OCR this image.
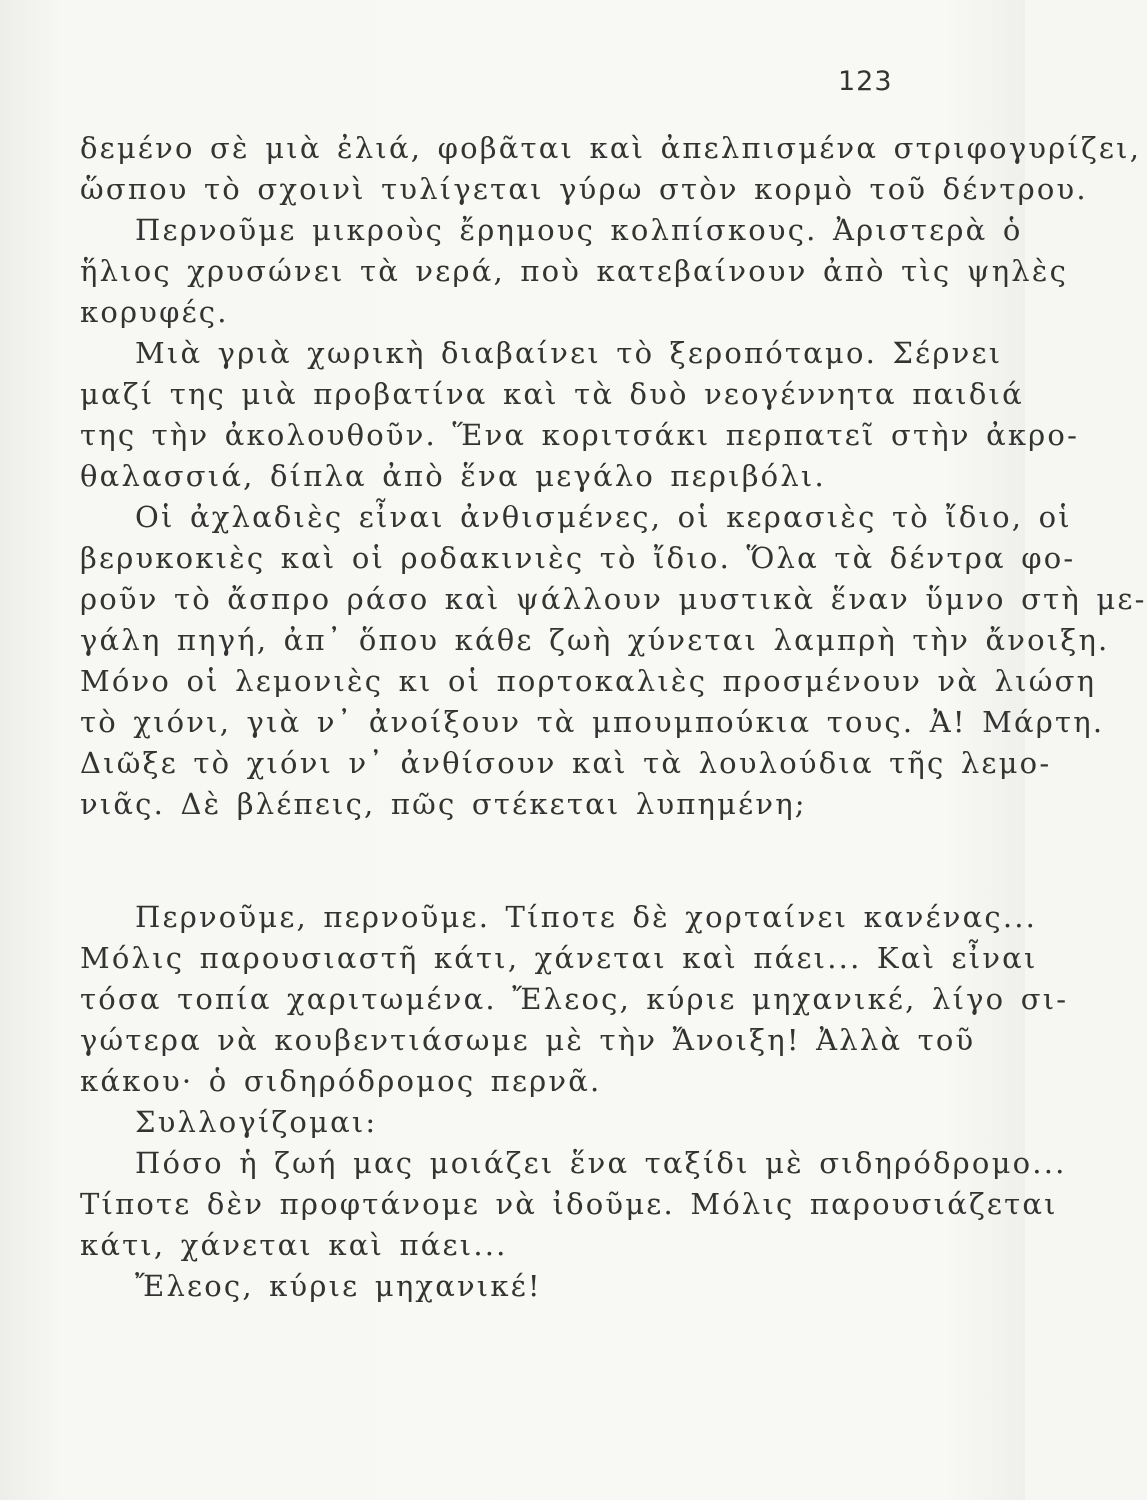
123
δεμένο σὲ μιὰ ἐλιά, φοβᾶται καὶ ἀπελπισμένα στριφογυρίζει,
ὥσπου τὸ σχοινὶ τυλίγεται γύρω στὸν κορμὸ τοῦ δέντρου.
Περνοῦμε μικροὺς ἔρημους κολπίσκους. Ἀριστερὰ ὁ
ἥλιος χρυσώνει τὰ νερά, ποὺ κατεβαίνουν ἀπὸ τὶς ψηλὲς
κορυφές.
Μιὰ γριὰ χωρικὴ διαβαίνει τὸ ξεροπόταμο. Σέρνει
μαζί της μιὰ προβατίνα καὶ τὰ δυὸ νεογέννητα παιδιά
της τὴν ἀκολουθοῦν. Ἕνα κοριτσάκι περπατεῖ στὴν ἀκρο-
θαλασσιά, δίπλα ἀπὸ ἕνα μεγάλο περιβόλι.
Οἱ ἀχλαδιὲς εἶναι ἀνθισμένες, οἱ κερασιὲς τὸ ἴδιο, οἱ
βερυκοκιὲς καὶ οἱ ροδακινιὲς τὸ ἴδιο. Ὅλα τὰ δέντρα φο-
ροῦν τὸ ἄσπρο ράσο καὶ ψάλλουν μυστικὰ ἕναν ὕμνο στὴ με-
γάλη πηγή, ἀπ᾽ ὅπου κάθε ζωὴ χύνεται λαμπρὴ τὴν ἄνοιξη.
Μόνο οἱ λεμονιὲς κι οἱ πορτοκαλιὲς προσμένουν νὰ λιώση
τὸ χιόνι, γιὰ ν᾽ ἀνοίξουν τὰ μπουμπούκια τους. Ἀ! Μάρτη.
Διῶξε τὸ χιόνι ν᾽ ἀνθίσουν καὶ τὰ λουλούδια τῆς λεμο-
νιᾶς. Δὲ βλέπεις, πῶς στέκεται λυπημένη;
Περνοῦμε, περνοῦμε. Τίποτε δὲ χορταίνει κανένας...
Μόλις παρουσιαστῆ κάτι, χάνεται καὶ πάει... Καὶ εἶναι
τόσα τοπία χαριτωμένα. Ἔλεος, κύριε μηχανικέ, λίγο σι-
γώτερα νὰ κουβεντιάσωμε μὲ τὴν Ἄνοιξη! Ἀλλὰ τοῦ
κάκου· ὁ σιδηρόδρομος περνᾶ.
Συλλογίζομαι:
Πόσο ἡ ζωή μας μοιάζει ἕνα ταξίδι μὲ σιδηρόδρομο...
Τίποτε δὲν προφτάνομε νὰ ἰδοῦμε. Μόλις παρουσιάζεται
κάτι, χάνεται καὶ πάει...
Ἔλεος, κύριε μηχανικέ!
